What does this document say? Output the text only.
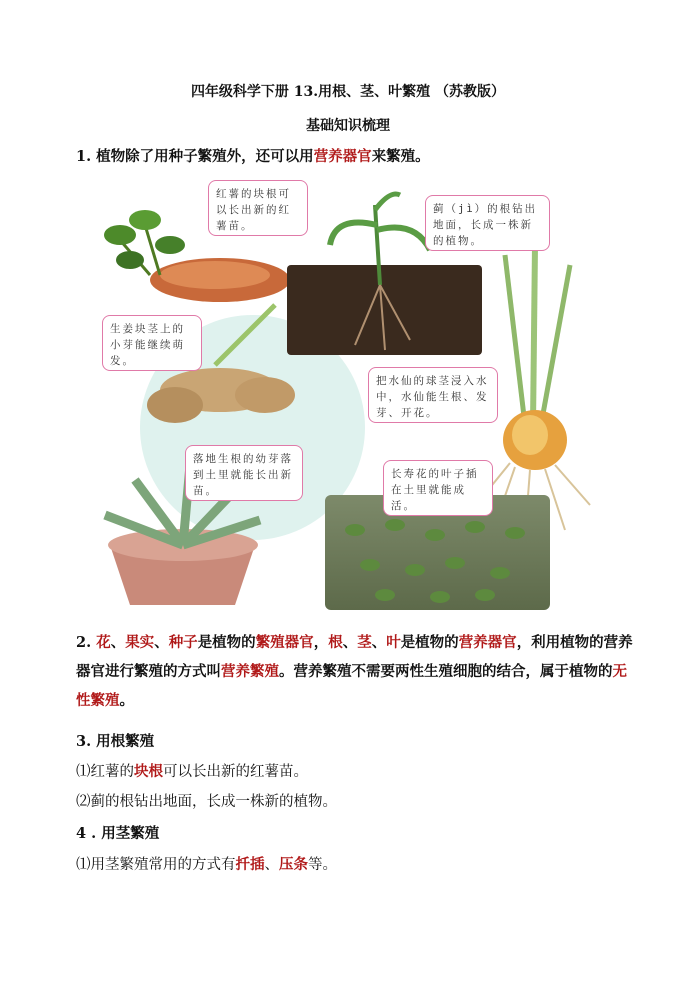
四年级科学下册 13.用根、茎、叶繁殖 （苏教版）
基础知识梳理
1. 植物除了用种子繁殖外，还可以用营养器官来繁殖。
红薯的块根可以长出新的红薯苗。
蓟（jì）的根钻出地面，长成一株新的植物。
生姜块茎上的小芽能继续萌发。
把水仙的球茎浸入水中，水仙能生根、发芽、开花。
落地生根的幼芽落到土里就能长出新苗。
长寿花的叶子插在土里就能成活。
2. 花、果实、种子是植物的繁殖器官，根、茎、叶是植物的营养器官，利用植物的营养器官进行繁殖的方式叫营养繁殖。营养繁殖不需要两性生殖细胞的结合，属于植物的无性繁殖。
3. 用根繁殖
⑴红薯的块根可以长出新的红薯苗。
⑵蓟的根钻出地面，长成一株新的植物。
4 . 用茎繁殖
⑴用茎繁殖常用的方式有扦插、压条等。
